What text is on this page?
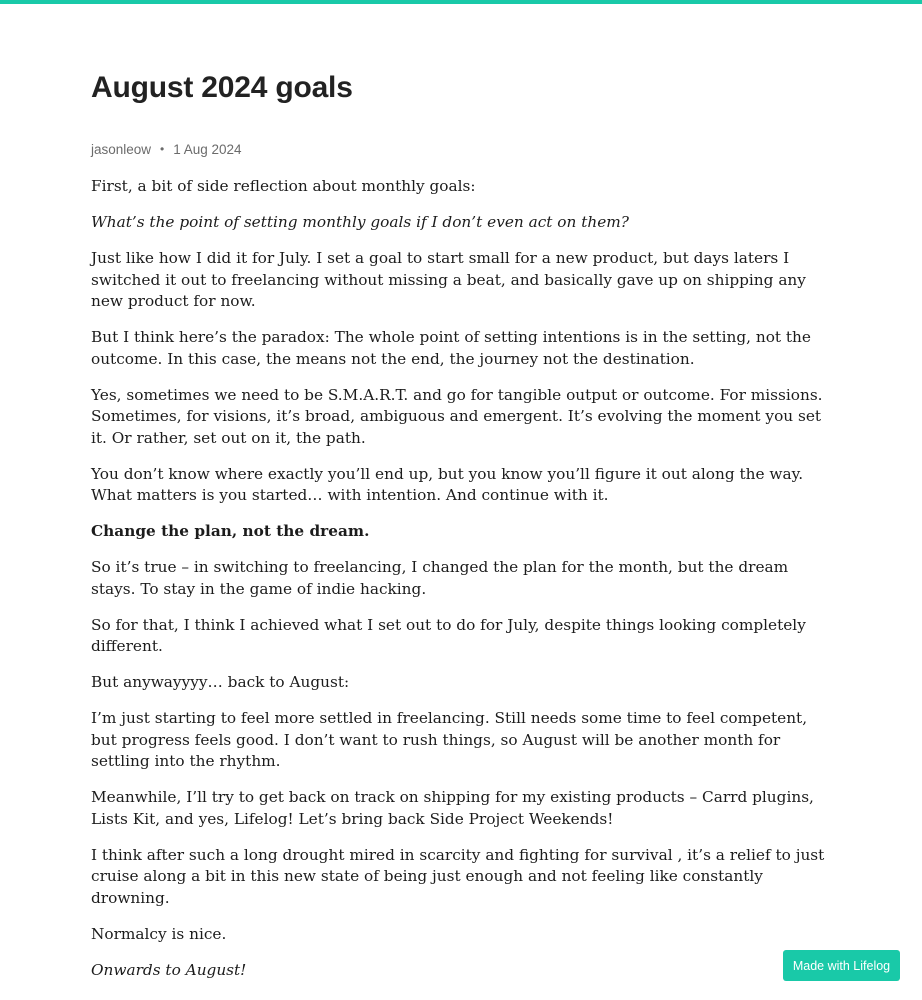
August 2024 goals
jasonleow • 1 Aug 2024

First, a bit of side reflection about monthly goals:

What’s the point of setting monthly goals if I don’t even act on them?

Just like how I did it for July. I set a goal to start small for a new product, but days laters I switched it out to freelancing without missing a beat, and basically gave up on shipping any new product for now.

But I think here’s the paradox: The whole point of setting intentions is in the setting, not the outcome. In this case, the means not the end, the journey not the destination.

Yes, sometimes we need to be S.M.A.R.T. and go for tangible output or outcome. For missions. Sometimes, for visions, it’s broad, ambiguous and emergent. It’s evolving the moment you set it. Or rather, set out on it, the path.

You don’t know where exactly you’ll end up, but you know you’ll figure it out along the way. What matters is you started… with intention. And continue with it.

Change the plan, not the dream.

So it’s true – in switching to freelancing, I changed the plan for the month, but the dream stays. To stay in the game of indie hacking.

So for that, I think I achieved what I set out to do for July, despite things looking completely different.

But anywayyyy… back to August:

I’m just starting to feel more settled in freelancing. Still needs some time to feel competent, but progress feels good. I don’t want to rush things, so August will be another month for settling into the rhythm.

Meanwhile, I’ll try to get back on track on shipping for my existing products – Carrd plugins, Lists Kit, and yes, Lifelog! Let’s bring back Side Project Weekends!

I think after such a long drought mired in scarcity and fighting for survival , it’s a relief to just cruise along a bit in this new state of being just enough and not feeling like constantly drowning.

Normalcy is nice.

Onwards to August!	Made with Lifelog
